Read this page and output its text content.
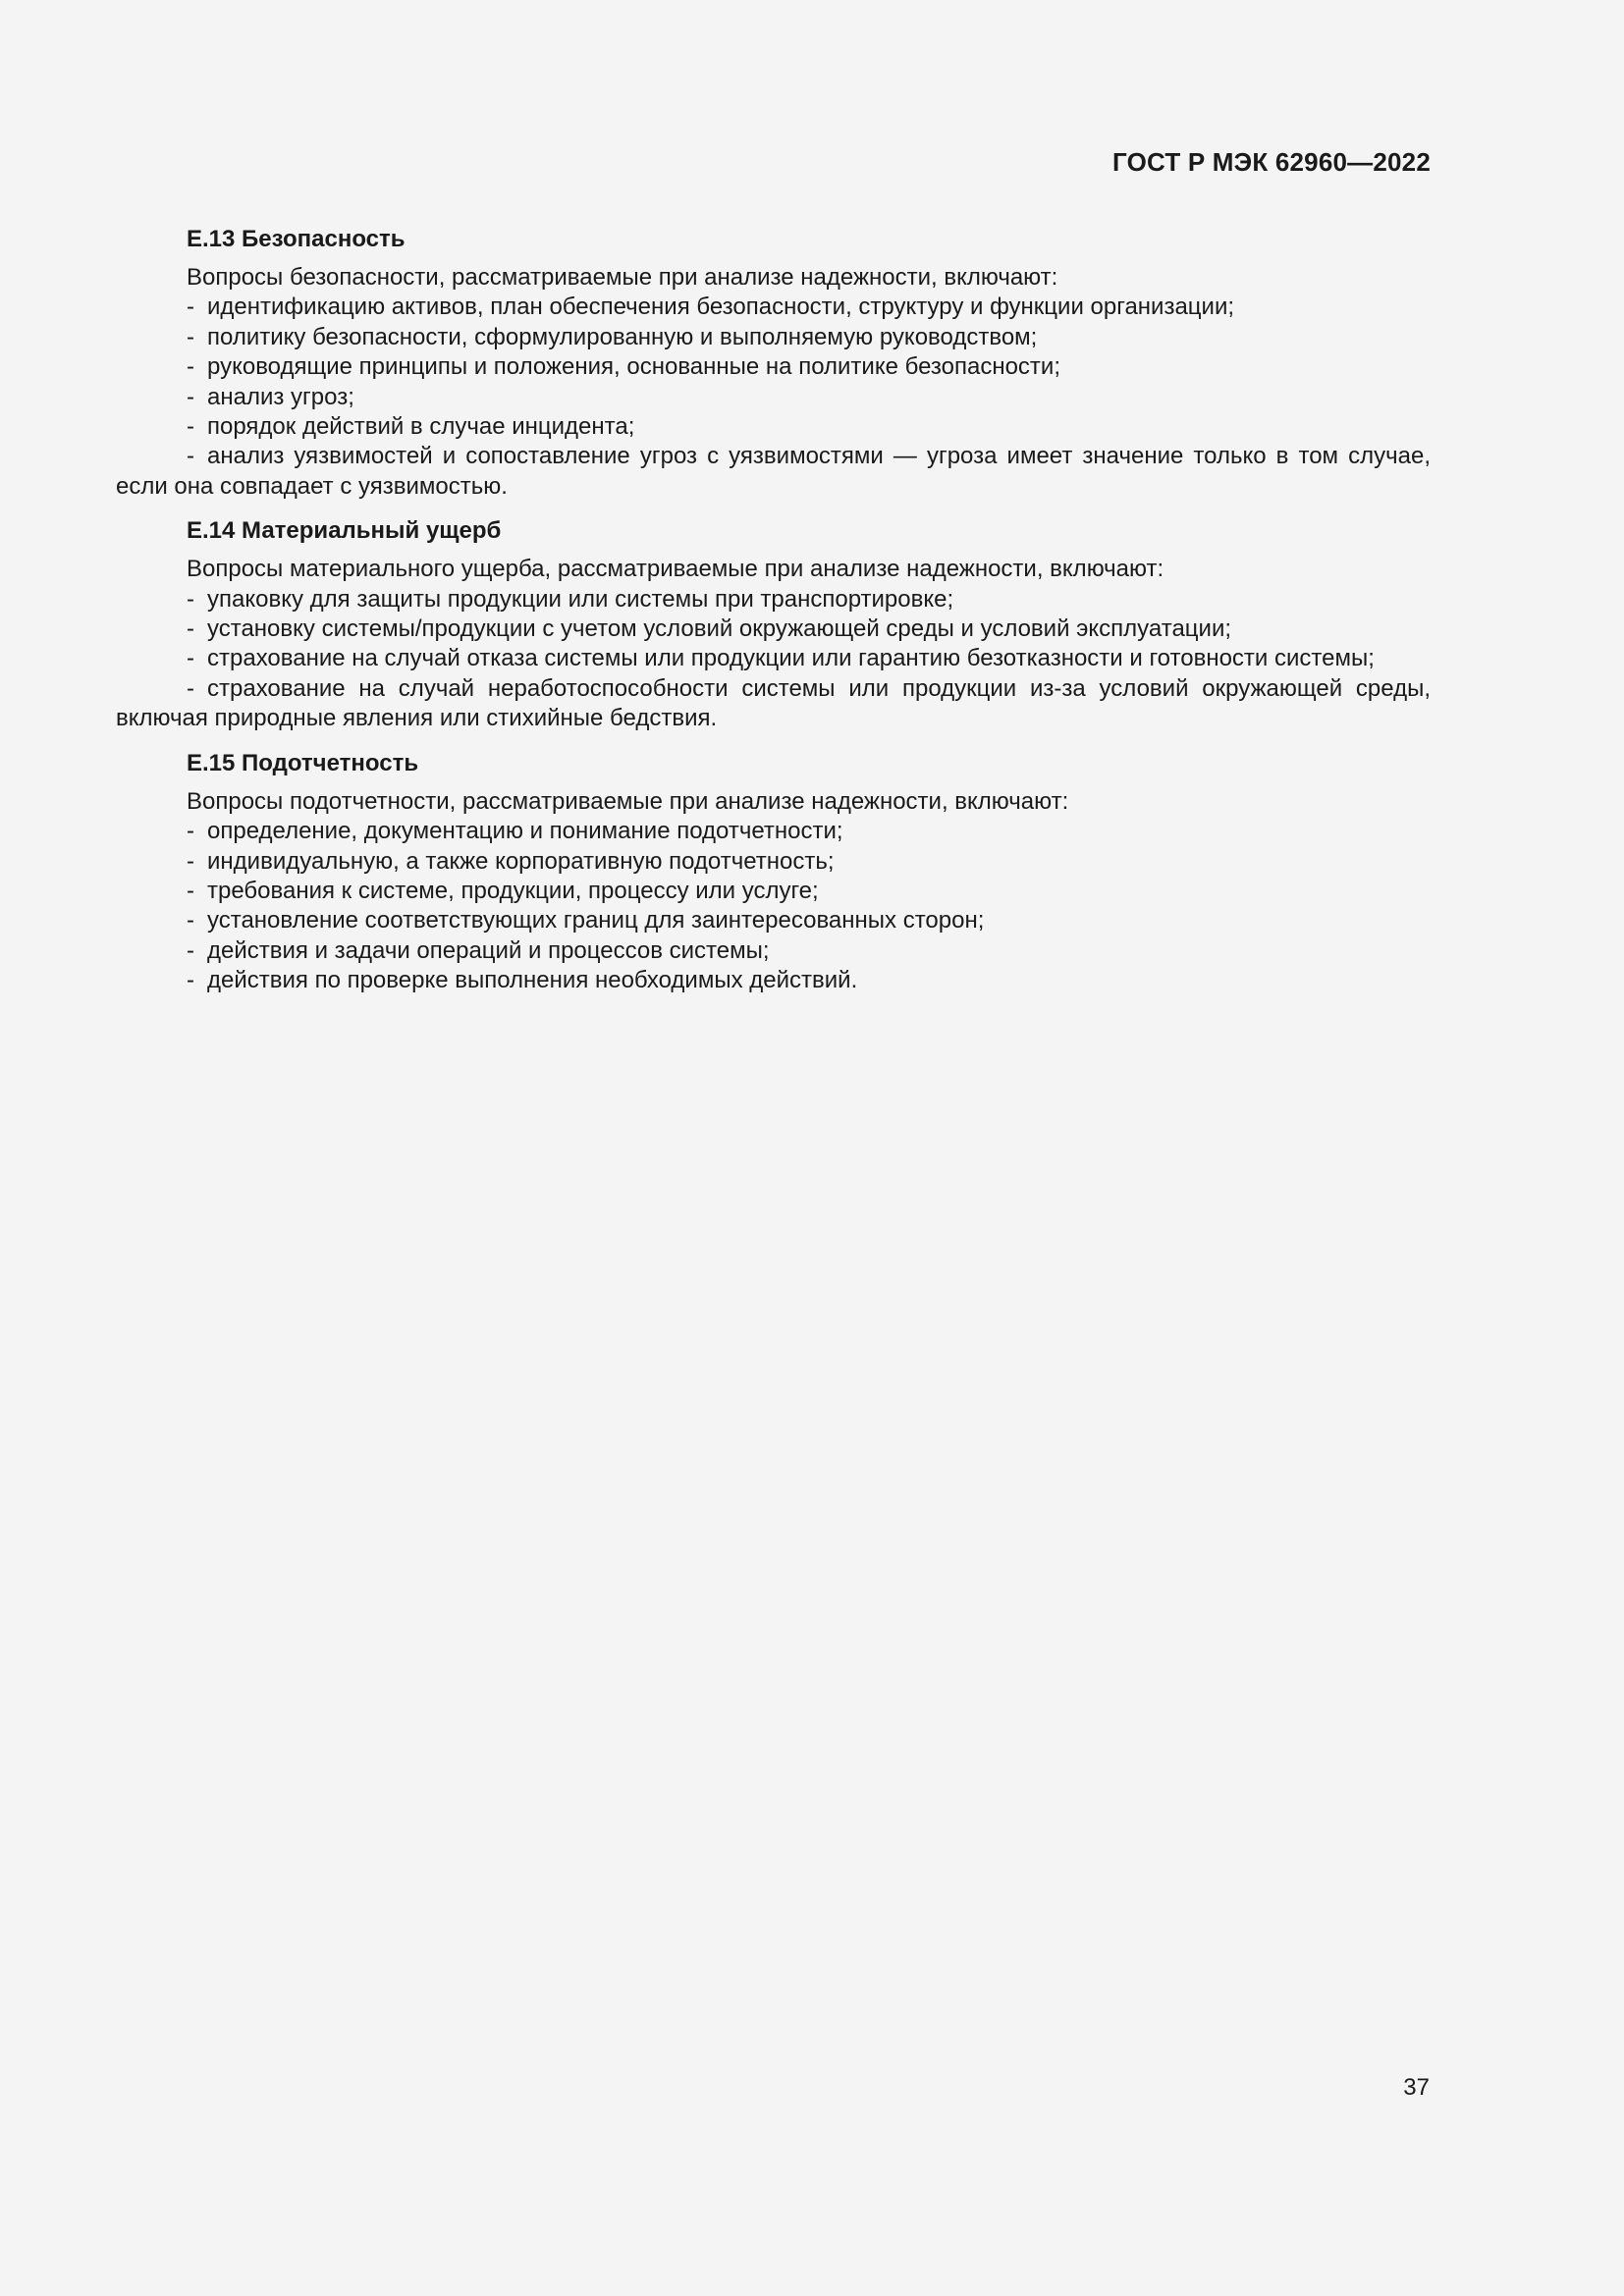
ГОСТ Р МЭК 62960—2022
Е.13 Безопасность
Вопросы безопасности, рассматриваемые при анализе надежности, включают:
- идентификацию активов, план обеспечения безопасности, структуру и функции организации;
- политику безопасности, сформулированную и выполняемую руководством;
- руководящие принципы и положения, основанные на политике безопасности;
- анализ угроз;
- порядок действий в случае инцидента;
- анализ уязвимостей и сопоставление угроз с уязвимостями — угроза имеет значение только в том случае, если она совпадает с уязвимостью.
Е.14 Материальный ущерб
Вопросы материального ущерба, рассматриваемые при анализе надежности, включают:
- упаковку для защиты продукции или системы при транспортировке;
- установку системы/продукции с учетом условий окружающей среды и условий эксплуатации;
- страхование на случай отказа системы или продукции или гарантию безотказности и готовности системы;
- страхование на случай неработоспособности системы или продукции из-за условий окружающей среды, включая природные явления или стихийные бедствия.
Е.15 Подотчетность
Вопросы подотчетности, рассматриваемые при анализе надежности, включают:
- определение, документацию и понимание подотчетности;
- индивидуальную, а также корпоративную подотчетность;
- требования к системе, продукции, процессу или услуге;
- установление соответствующих границ для заинтересованных сторон;
- действия и задачи операций и процессов системы;
- действия по проверке выполнения необходимых действий.
37
